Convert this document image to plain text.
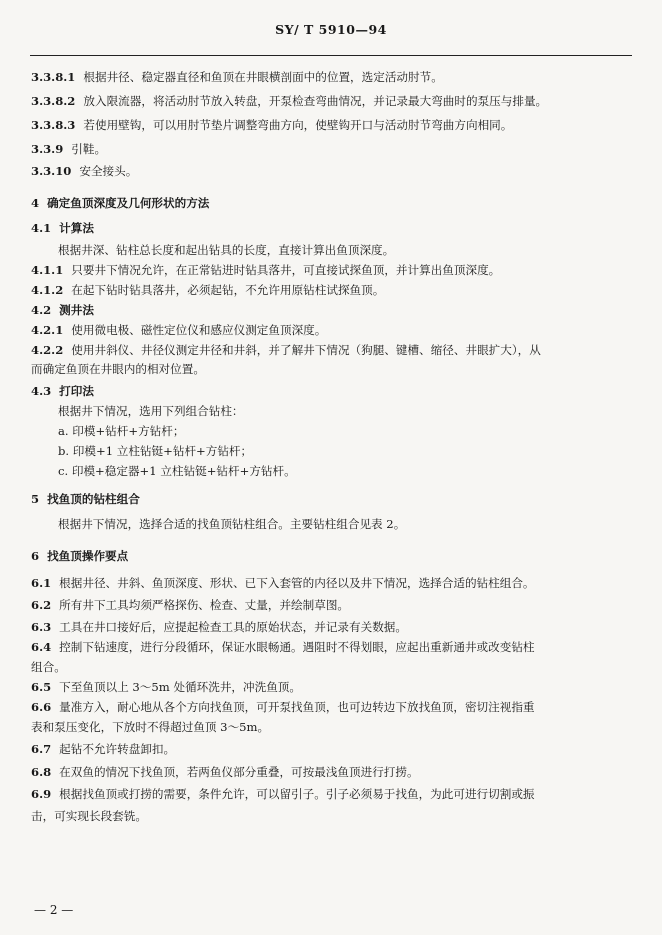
SY/ T 5910—94
3.3.8.1 根据井径、稳定器直径和鱼顶在井眼横剖面中的位置，选定活动肘节。
3.3.8.2 放入限流器，将活动肘节放入转盘，开泵检查弯曲情况，并记录最大弯曲时的泵压与排量。
3.3.8.3 若使用壁钩，可以用肘节垫片调整弯曲方向，使壁钩开口与活动肘节弯曲方向相同。
3.3.9 引鞋。
3.3.10 安全接头。
4 确定鱼顶深度及几何形状的方法
4.1 计算法
根据井深、钻柱总长度和起出钻具的长度，直接计算出鱼顶深度。
4.1.1 只要井下情况允许，在正常钻进时钻具落井，可直接试探鱼顶，并计算出鱼顶深度。
4.1.2 在起下钻时钻具落井，必须起钻，不允许用原钻柱试探鱼顶。
4.2 测井法
4.2.1 使用微电极、磁性定位仪和感应仪测定鱼顶深度。
4.2.2 使用井斜仪、井径仪测定井径和井斜，并了解井下情况（狗腿、键槽、缩径、井眼扩大），从
而确定鱼顶在井眼内的相对位置。
4.3 打印法
根据井下情况，选用下列组合钻柱：
a. 印模+钻杆+方钻杆；
b. 印模+1 立柱钻铤+钻杆+方钻杆；
c. 印模+稳定器+1 立柱钻铤+钻杆+方钻杆。
5 找鱼顶的钻柱组合
根据井下情况，选择合适的找鱼顶钻柱组合。主要钻柱组合见表 2。
6 找鱼顶操作要点
6.1 根据井径、井斜、鱼顶深度、形状、已下入套管的内径以及井下情况，选择合适的钻柱组合。
6.2 所有井下工具均须严格探伤、检查、丈量，并绘制草图。
6.3 工具在井口接好后，应提起检查工具的原始状态，并记录有关数据。
6.4 控制下钻速度，进行分段循环，保证水眼畅通。遇阻时不得划眼，应起出重新通井或改变钻柱
组合。
6.5 下至鱼顶以上 3～5m 处循环洗井，冲洗鱼顶。
6.6 量准方入，耐心地从各个方向找鱼顶，可开泵找鱼顶，也可边转边下放找鱼顶，密切注视指重
表和泵压变化，下放时不得超过鱼顶 3～5m。
6.7 起钻不允许转盘卸扣。
6.8 在双鱼的情况下找鱼顶，若两鱼仪部分重叠，可按最浅鱼顶进行打捞。
6.9 根据找鱼顶或打捞的需要，条件允许，可以留引子。引子必须易于找鱼，为此可进行切割或振
击，可实现长段套铣。
— 2 —
